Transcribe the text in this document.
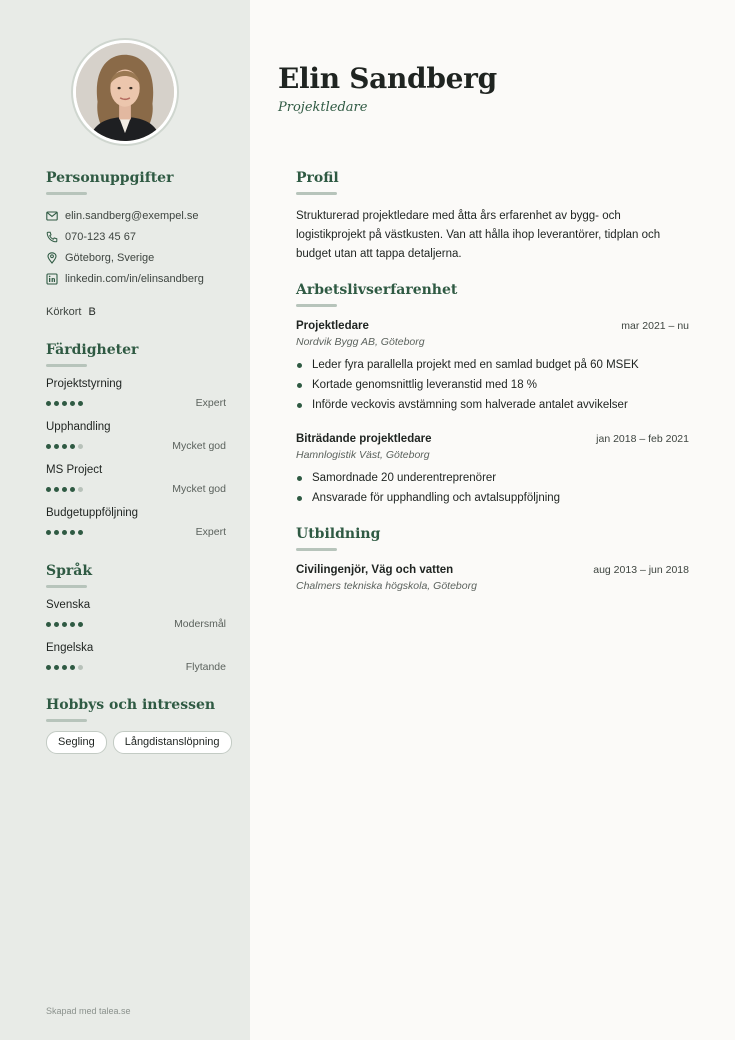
Personuppgifter
elin.sandberg@exempel.se
070-123 45 67
Göteborg, Sverige
linkedin.com/in/elinsandberg
Körkort B
Färdigheter
Projektstyrning
Expert
Upphandling
Mycket god
MS Project
Mycket god
Budgetuppföljning
Expert
Språk
Svenska
Modersmål
Engelska
Flytande
Hobbys och intressen
Segling	Långdistanslöpning
Skapad med talea.se
Elin Sandberg
Projektledare
Profil

Strukturerad projektledare med åtta års erfarenhet av bygg- och logistikprojekt på västkusten. Van att hålla ihop leverantörer, tidplan och budget utan att tappa detaljerna.

Arbetslivserfarenhet
Projektledare	mar 2021 – nu
Nordvik Bygg AB, Göteborg
Leder fyra parallella projekt med en samlad budget på 60 MSEK
Kortade genomsnittlig leveranstid med 18 %
Införde veckovis avstämning som halverade antalet avvikelser
Biträdande projektledare	jan 2018 – feb 2021
Hamnlogistik Väst, Göteborg
Samordnade 20 underentreprenörer
Ansvarade för upphandling och avtalsuppföljning
Utbildning
Civilingenjör, Väg och vatten	aug 2013 – jun 2018
Chalmers tekniska högskola, Göteborg
